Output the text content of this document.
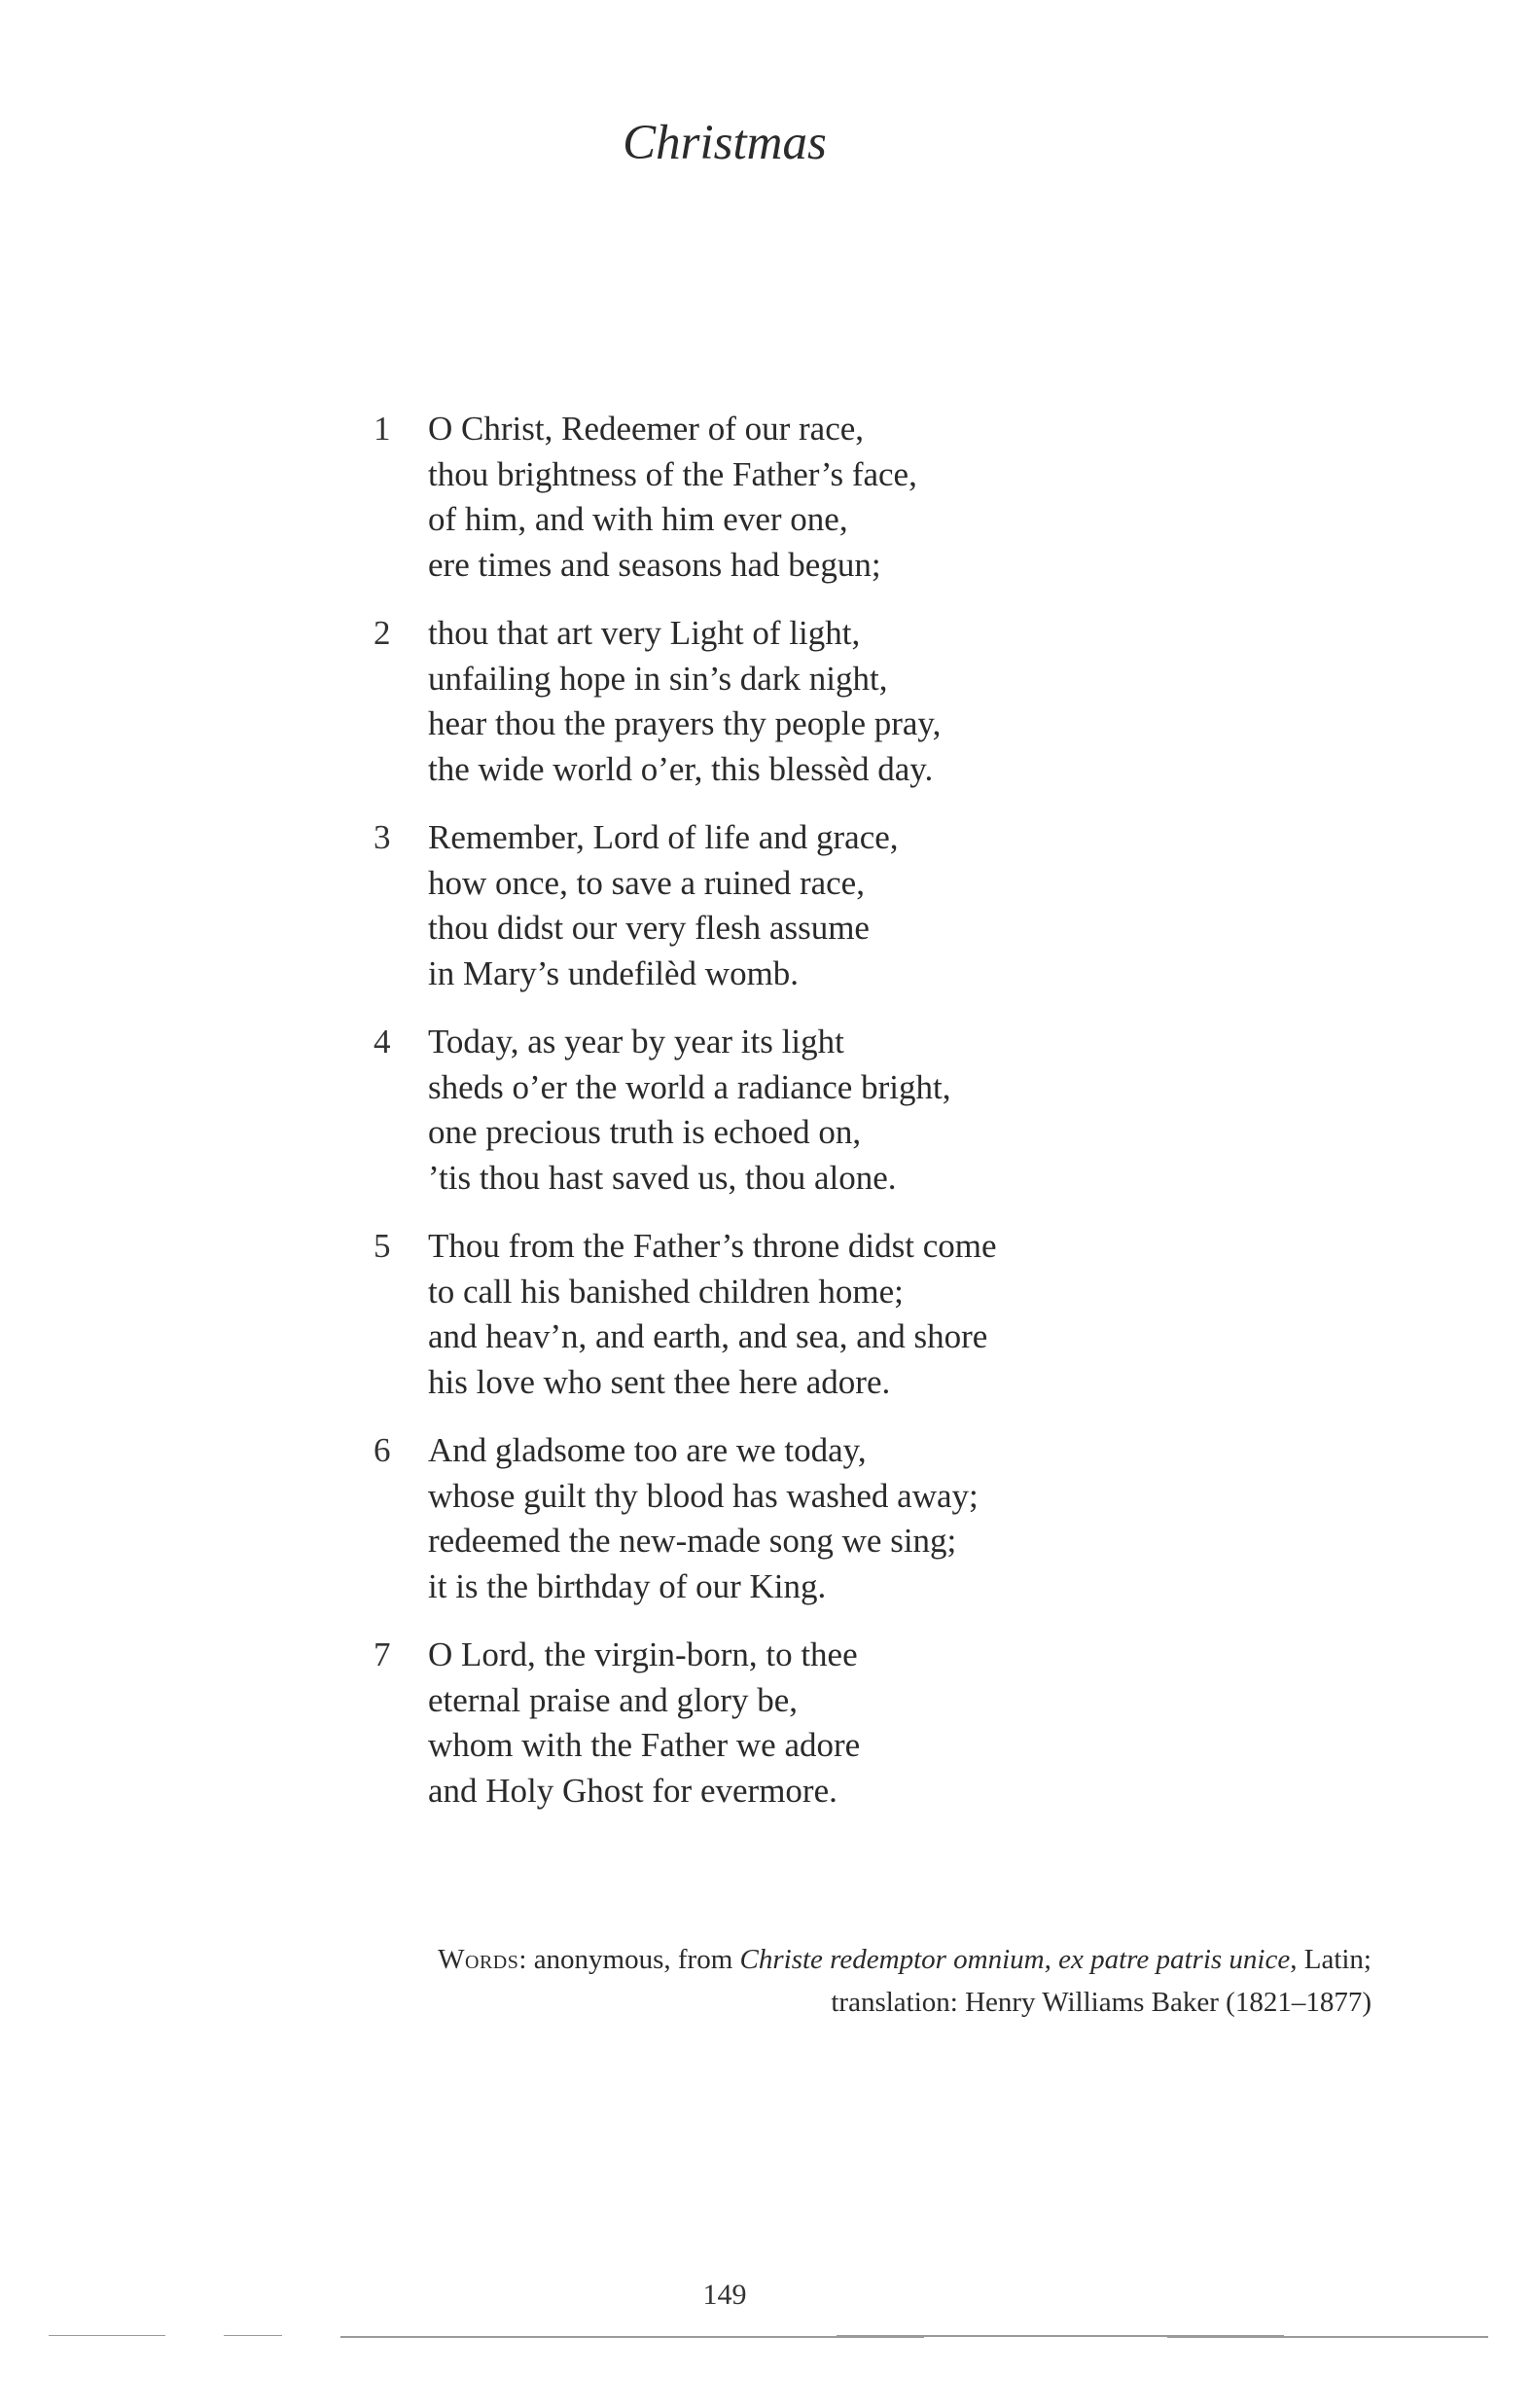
Christmas
1	O Christ, Redeemer of our race,
thou brightness of the Father’s face,
of him, and with him ever one,
ere times and seasons had begun;
2	thou that art very Light of light,
unfailing hope in sin’s dark night,
hear thou the prayers thy people pray,
the wide world o’er, this blessèd day.
3	Remember, Lord of life and grace,
how once, to save a ruined race,
thou didst our very flesh assume
in Mary’s undefilèd womb.
4	Today, as year by year its light
sheds o’er the world a radiance bright,
one precious truth is echoed on,
’tis thou hast saved us, thou alone.
5	Thou from the Father’s throne didst come
to call his banished children home;
and heav’n, and earth, and sea, and shore
his love who sent thee here adore.
6	And gladsome too are we today,
whose guilt thy blood has washed away;
redeemed the new-made song we sing;
it is the birthday of our King.
7	O Lord, the virgin-born, to thee
eternal praise and glory be,
whom with the Father we adore
and Holy Ghost for evermore.
Words: anonymous, from Christe redemptor omnium, ex patre patris unice, Latin;
translation: Henry Williams Baker (1821–1877)
149
